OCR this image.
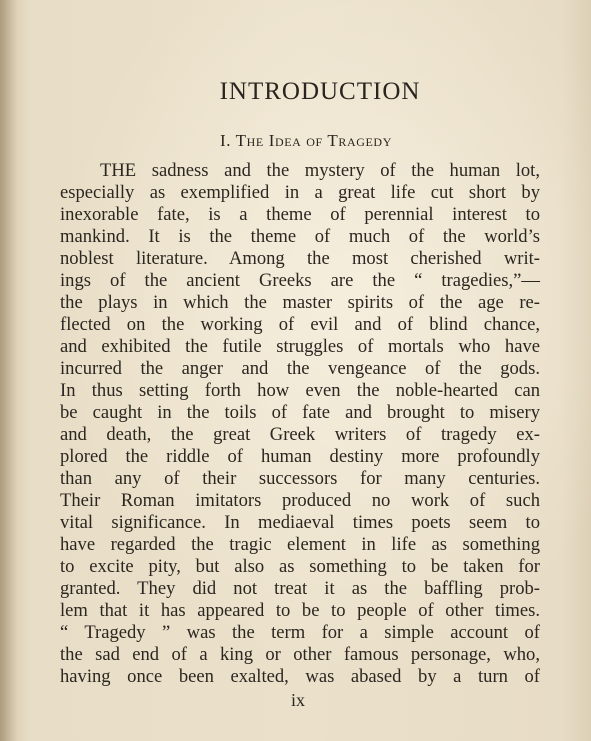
INTRODUCTION
I. The Idea of Tragedy
THE sadness and the mystery of the human lot,
especially as exemplified in a great life cut short by
inexorable fate, is a theme of perennial interest to
mankind. It is the theme of much of the world’s
noblest literature. Among the most cherished writ-
ings of the ancient Greeks are the “ tragedies,”—
the plays in which the master spirits of the age re-
flected on the working of evil and of blind chance,
and exhibited the futile struggles of mortals who have
incurred the anger and the vengeance of the gods.
In thus setting forth how even the noble-hearted can
be caught in the toils of fate and brought to misery
and death, the great Greek writers of tragedy ex-
plored the riddle of human destiny more profoundly
than any of their successors for many centuries.
Their Roman imitators produced no work of such
vital significance. In mediaeval times poets seem to
have regarded the tragic element in life as something
to excite pity, but also as something to be taken for
granted. They did not treat it as the baffling prob-
lem that it has appeared to be to people of other times.
“ Tragedy ” was the term for a simple account of
the sad end of a king or other famous personage, who,
having once been exalted, was abased by a turn of
ix
